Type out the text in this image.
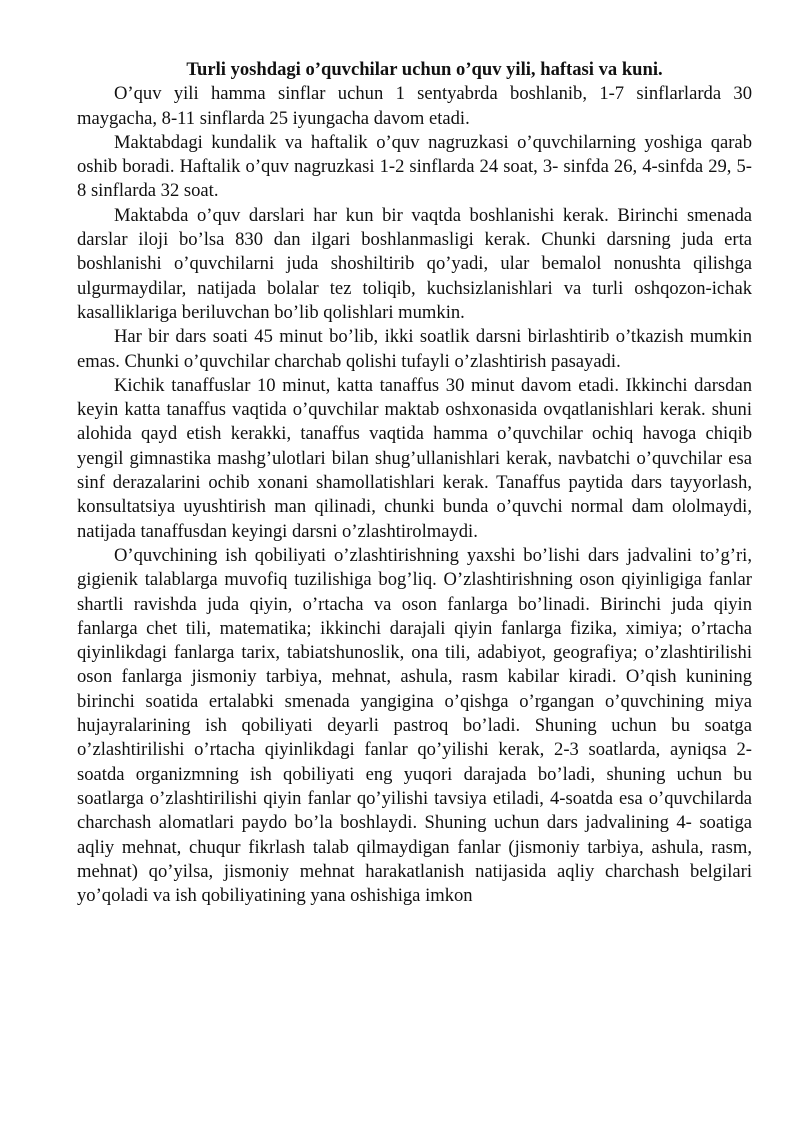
Turli yoshdagi o’quvchilar uchun o’quv yili, haftasi va kuni.

O’quv yili hamma sinflar uchun 1 sentyabrda boshlanib, 1-7 sinflarlarda 30 maygacha, 8-11 sinflarda 25 iyungacha davom etadi.

Maktabdagi kundalik va haftalik o’quv nagruzkasi o’quvchilarning yoshiga qarab oshib boradi. Haftalik o’quv nagruzkasi 1-2 sinflarda 24 soat, 3- sinfda 26, 4-sinfda 29, 5-8 sinflarda 32 soat.

Maktabda o’quv darslari har kun bir vaqtda boshlanishi kerak. Birinchi smenada darslar iloji bo’lsa 830 dan ilgari boshlanmasligi kerak. Chunki darsning juda erta boshlanishi o’quvchilarni juda shoshiltirib qo’yadi, ular bemalol nonushta qilishga ulgurmaydilar, natijada bolalar tez toliqib, kuchsizlanishlari va turli oshqozon-ichak kasalliklariga beriluvchan bo’lib qolishlari mumkin.

Har bir dars soati 45 minut bo’lib, ikki soatlik darsni birlashtirib o’tkazish mumkin emas. Chunki o’quvchilar charchab qolishi tufayli o’zlashtirish pasayadi.

Kichik tanaffuslar 10 minut, katta tanaffus 30 minut davom etadi. Ikkinchi darsdan keyin katta tanaffus vaqtida o’quvchilar maktab oshxonasida ovqatlanishlari kerak. shuni alohida qayd etish kerakki, tanaffus vaqtida hamma o’quvchilar ochiq havoga chiqib yengil gimnastika mashg’ulotlari bilan shug’ullanishlari kerak, navbatchi o’quvchilar esa sinf derazalarini ochib xonani shamollatishlari kerak. Tanaffus paytida dars tayyorlash, konsultatsiya uyushtirish man qilinadi, chunki bunda o’quvchi normal dam ololmaydi, natijada tanaffusdan keyingi darsni o’zlashtirolmaydi.

O’quvchining ish qobiliyati o’zlashtirishning yaxshi bo’lishi dars jadvalini to’g’ri, gigienik talablarga muvofiq tuzilishiga bog’liq. O’zlashtirishning oson qiyinligiga fanlar shartli ravishda juda qiyin, o’rtacha va oson fanlarga bo’linadi. Birinchi juda qiyin fanlarga chet tili, matematika; ikkinchi darajali qiyin fanlarga fizika, ximiya; o’rtacha qiyinlikdagi fanlarga tarix, tabiatshunoslik, ona tili, adabiyot, geografiya; o’zlashtirilishi oson fanlarga jismoniy tarbiya, mehnat, ashula, rasm kabilar kiradi. O’qish kunining birinchi soatida ertalabki smenada yangigina o’qishga o’rgangan o’quvchining miya hujayralarining ish qobiliyati deyarli pastroq bo’ladi. Shuning uchun bu soatga o’zlashtirilishi o’rtacha qiyinlikdagi fanlar qo’yilishi kerak, 2-3 soatlarda, ayniqsa 2- soatda organizmning ish qobiliyati eng yuqori darajada bo’ladi, shuning uchun bu soatlarga o’zlashtirilishi qiyin fanlar qo’yilishi tavsiya etiladi, 4-soatda esa o’quvchilarda charchash alomatlari paydo bo’la boshlaydi. Shuning uchun dars jadvalining 4- soatiga aqliy mehnat, chuqur fikrlash talab qilmaydigan fanlar (jismoniy tarbiya, ashula, rasm, mehnat) qo’yilsa, jismoniy mehnat harakatlanish natijasida aqliy charchash belgilari yo’qoladi va ish qobiliyatining yana oshishiga imkon
